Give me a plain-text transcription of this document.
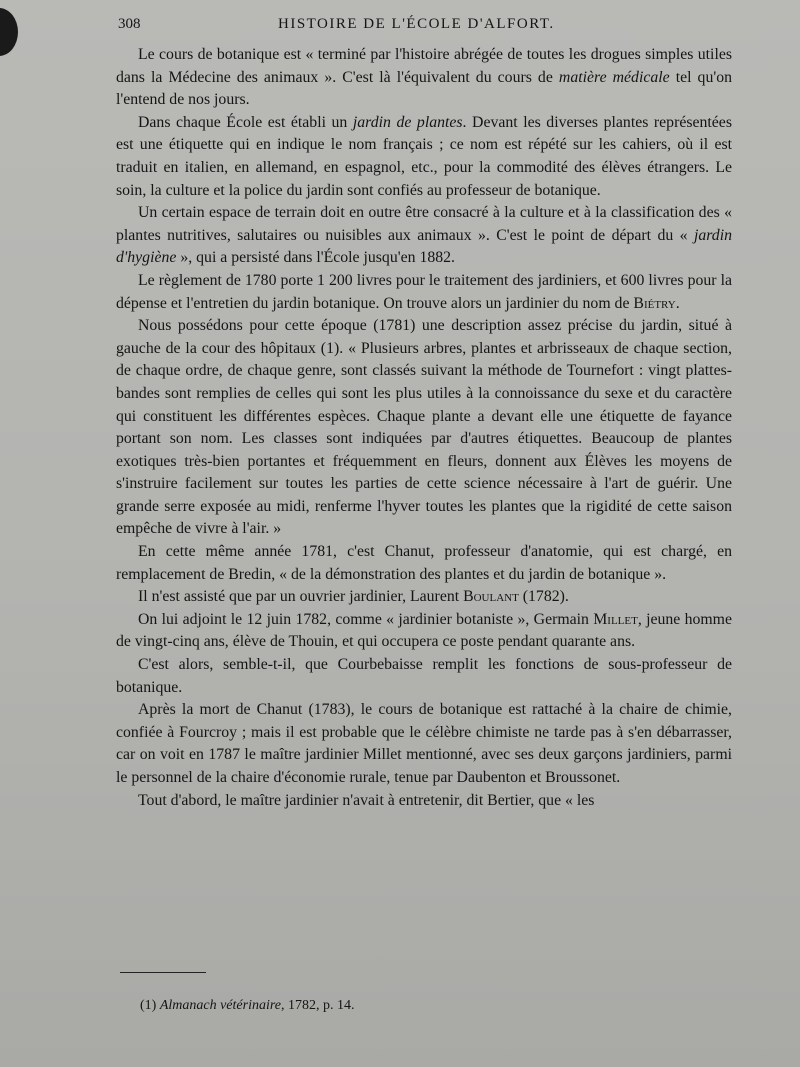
308	HISTOIRE DE L'ÉCOLE D'ALFORT.

Le cours de botanique est « terminé par l'histoire abrégée de toutes les drogues simples utiles dans la Médecine des animaux ». C'est là l'équivalent du cours de matière médicale tel qu'on l'entend de nos jours.

Dans chaque École est établi un jardin de plantes. Devant les diverses plantes représentées est une étiquette qui en indique le nom français ; ce nom est répété sur les cahiers, où il est traduit en italien, en allemand, en espagnol, etc., pour la commodité des élèves étrangers. Le soin, la culture et la police du jardin sont confiés au professeur de botanique.

Un certain espace de terrain doit en outre être consacré à la culture et à la classification des « plantes nutritives, salutaires ou nuisibles aux animaux ». C'est le point de départ du « jardin d'hygiène », qui a persisté dans l'École jusqu'en 1882.

Le règlement de 1780 porte 1 200 livres pour le traitement des jardiniers, et 600 livres pour la dépense et l'entretien du jardin botanique. On trouve alors un jardinier du nom de Biétry.

Nous possédons pour cette époque (1781) une description assez précise du jardin, situé à gauche de la cour des hôpitaux (1). « Plusieurs arbres, plantes et arbrisseaux de chaque section, de chaque ordre, de chaque genre, sont classés suivant la méthode de Tournefort : vingt plattes-bandes sont remplies de celles qui sont les plus utiles à la connoissance du sexe et du caractère qui constituent les différentes espèces. Chaque plante a devant elle une étiquette de fayance portant son nom. Les classes sont indiquées par d'autres étiquettes. Beaucoup de plantes exotiques très-bien portantes et fréquemment en fleurs, donnent aux Élèves les moyens de s'instruire facilement sur toutes les parties de cette science nécessaire à l'art de guérir. Une grande serre exposée au midi, renferme l'hyver toutes les plantes que la rigidité de cette saison empêche de vivre à l'air. »

En cette même année 1781, c'est Chanut, professeur d'anatomie, qui est chargé, en remplacement de Bredin, « de la démonstration des plantes et du jardin de botanique ».

Il n'est assisté que par un ouvrier jardinier, Laurent Boulant (1782).

On lui adjoint le 12 juin 1782, comme « jardinier botaniste », Germain Millet, jeune homme de vingt-cinq ans, élève de Thouin, et qui occupera ce poste pendant quarante ans.

C'est alors, semble-t-il, que Courbebaisse remplit les fonctions de sous-professeur de botanique.

Après la mort de Chanut (1783), le cours de botanique est rattaché à la chaire de chimie, confiée à Fourcroy ; mais il est probable que le célèbre chimiste ne tarde pas à s'en débarrasser, car on voit en 1787 le maître jardinier Millet mentionné, avec ses deux garçons jardiniers, parmi le personnel de la chaire d'économie rurale, tenue par Daubenton et Broussonet.

Tout d'abord, le maître jardinier n'avait à entretenir, dit Bertier, que « les

(1) Almanach vétérinaire, 1782, p. 14.
